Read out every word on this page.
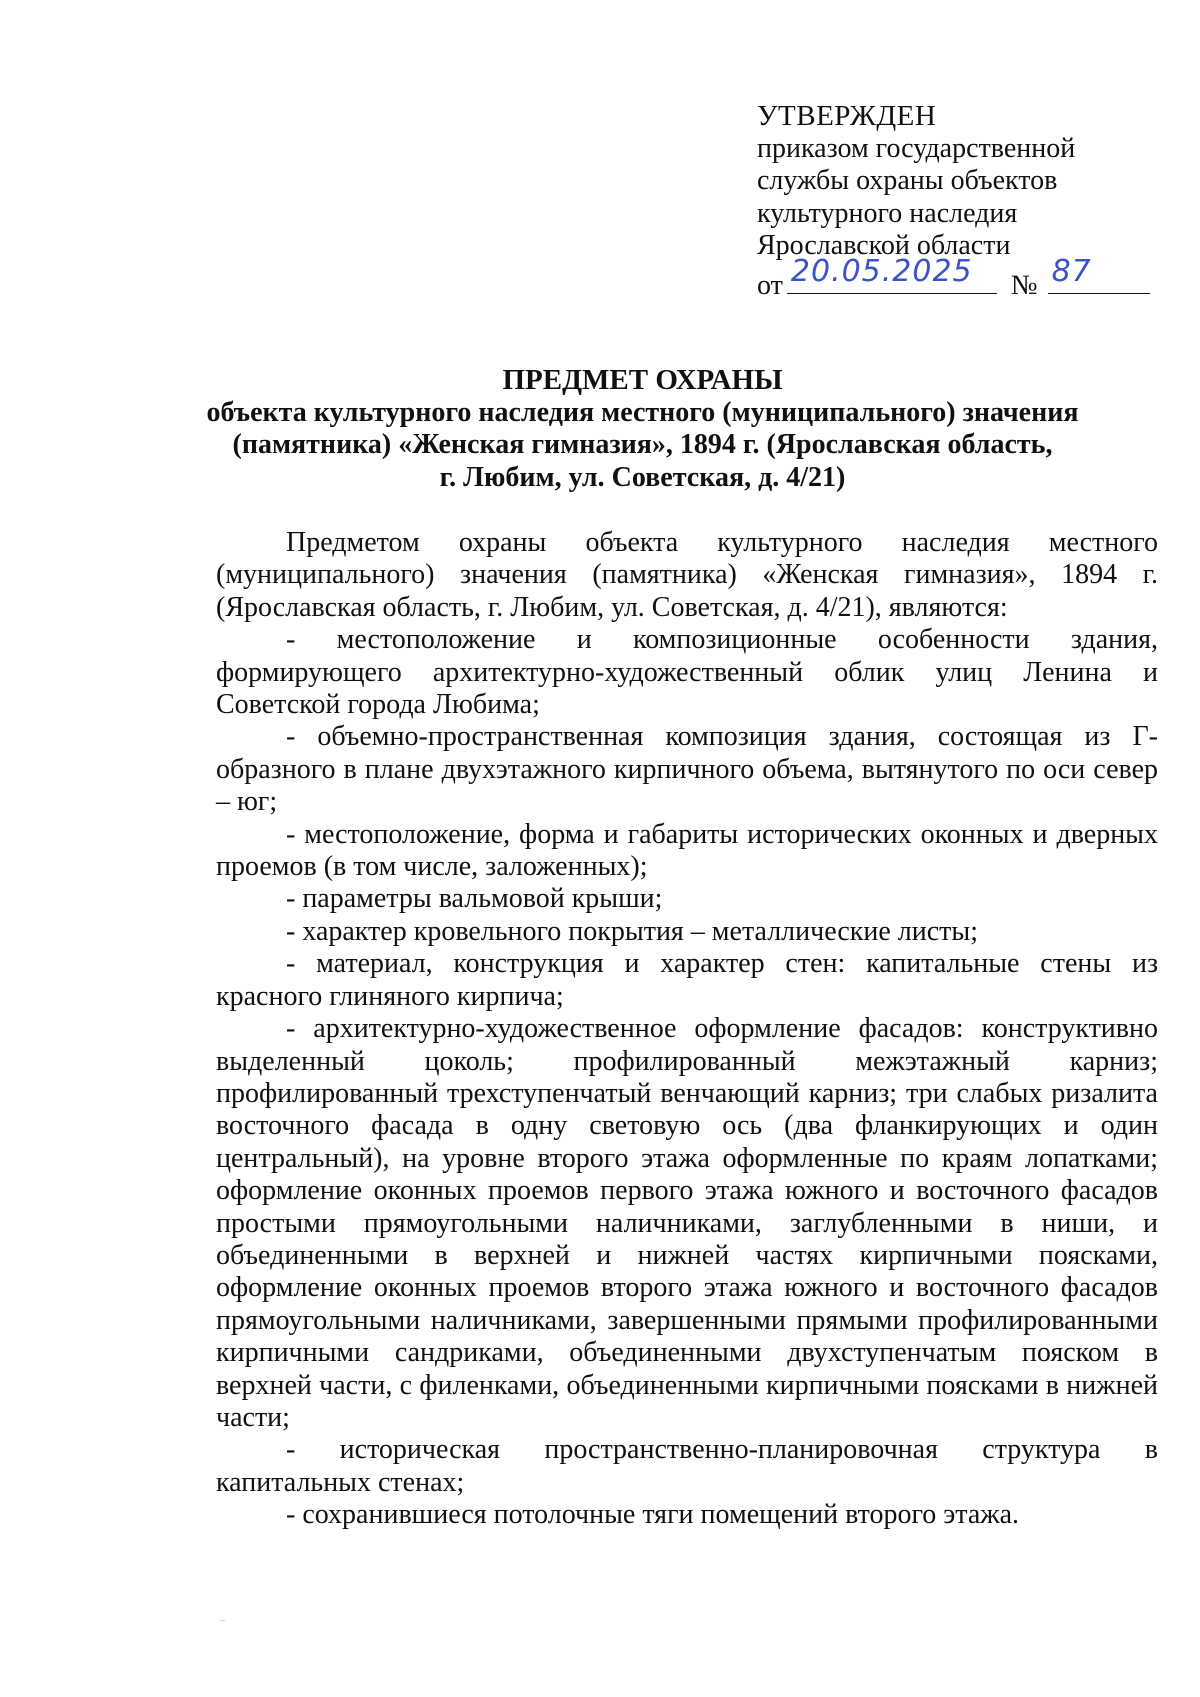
УТВЕРЖДЕН
приказом государственной
службы охраны объектов
культурного наследия
Ярославской области
от 20.05.2025 № 87
ПРЕДМЕТ ОХРАНЫ
объекта культурного наследия местного (муниципального) значения
(памятника) «Женская гимназия», 1894 г. (Ярославская область,
г. Любим, ул. Советская, д. 4/21)

Предметом охраны объекта культурного наследия местного (муниципального) значения (памятника) «Женская гимназия», 1894 г. (Ярославская область, г. Любим, ул. Советская, д. 4/21), являются:

- местоположение и композиционные особенности здания, формирующего архитектурно-художественный облик улиц Ленина и Советской города Любима;

- объемно-пространственная композиция здания, состоящая из Г-образного в плане двухэтажного кирпичного объема, вытянутого по оси север – юг;

- местоположение, форма и габариты исторических оконных и дверных проемов (в том числе, заложенных);

- параметры вальмовой крыши;

- характер кровельного покрытия – металлические листы;

- материал, конструкция и характер стен: капитальные стены из красного глиняного кирпича;

- архитектурно-художественное оформление фасадов: конструктивно выделенный цоколь; профилированный межэтажный карниз; профилированный трехступенчатый венчающий карниз; три слабых ризалита восточного фасада в одну световую ось (два фланкирующих и один центральный), на уровне второго этажа оформленные по краям лопатками; оформление оконных проемов первого этажа южного и восточного фасадов простыми прямоугольными наличниками, заглубленными в ниши, и объединенными в верхней и нижней частях кирпичными поясками, оформление оконных проемов второго этажа южного и восточного фасадов прямоугольными наличниками, завершенными прямыми профилированными кирпичными сандриками, объединенными двухступенчатым пояском в верхней части, с филенками, объединенными кирпичными поясками в нижней части;

- историческая пространственно-планировочная структура в капитальных стенах;

- сохранившиеся потолочные тяги помещений второго этажа.
